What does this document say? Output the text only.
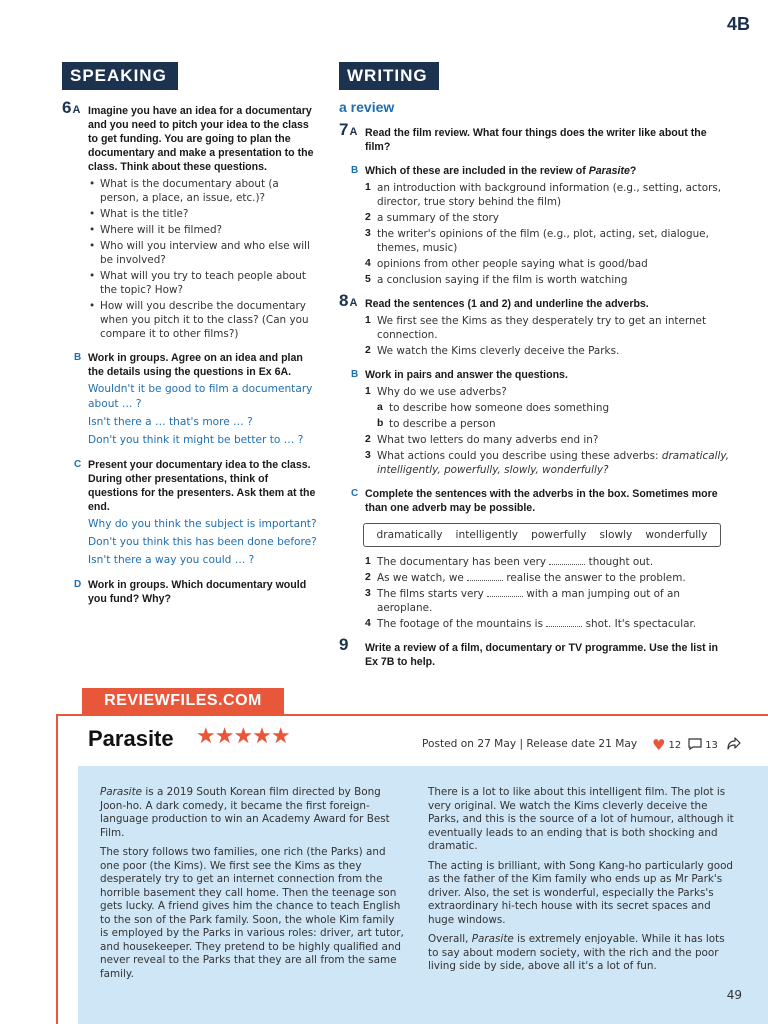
4B
SPEAKING	WRITING
a review
6A Imagine you have an idea for a documentary and you need to pitch your idea to the class to get funding. You are going to plan the documentary and make a presentation to the class. Think about these questions.
• What is the documentary about (a person, a place, an issue, etc.)?
• What is the title?
• Where will it be filmed?
• Who will you interview and who else will be involved?
• What will you try to teach people about the topic? How?
• How will you describe the documentary when you pitch it to the class? (Can you compare it to other films?)
B Work in groups. Agree on an idea and plan the details using the questions in Ex 6A.
Wouldn't it be good to film a documentary about … ?
Isn't there a … that's more … ?
Don't you think it might be better to … ?
C Present your documentary idea to the class. During other presentations, think of questions for the presenters. Ask them at the end.
Why do you think the subject is important?
Don't you think this has been done before?
Isn't there a way you could … ?
D Work in groups. Which documentary would you fund? Why?
7A Read the film review. What four things does the writer like about the film?
B Which of these are included in the review of Parasite?
1 an introduction with background information (e.g., setting, actors, director, true story behind the film)
2 a summary of the story
3 the writer's opinions of the film (e.g., plot, acting, set, dialogue, themes, music)
4 opinions from other people saying what is good/bad
5 a conclusion saying if the film is worth watching
8A Read the sentences (1 and 2) and underline the adverbs.
1 We first see the Kims as they desperately try to get an internet connection.
2 We watch the Kims cleverly deceive the Parks.
B Work in pairs and answer the questions.
1 Why do we use adverbs?
a to describe how someone does something
b to describe a person
2 What two letters do many adverbs end in?
3 What actions could you describe using these adverbs: dramatically, intelligently, powerfully, slowly, wonderfully?
C Complete the sentences with the adverbs in the box. Sometimes more than one adverb may be possible.
dramatically intelligently powerfully slowly wonderfully
1 The documentary has been very	thought out.
2 As we watch, we	realise the answer to the problem.
3 The films starts very	with a man jumping out of an aeroplane.
4 The footage of the mountains is	shot. It's spectacular.
9 Write a review of a film, documentary or TV programme. Use the list in Ex 7B to help.
REVIEWFILES.COM
Parasite ★★★★★	Posted on 27 May | Release date 21 May ♥ 12 13

Parasite is a 2019 South Korean film directed by Bong Joon-ho. A dark comedy, it became the first foreign-language production to win an Academy Award for Best Film.

The story follows two families, one rich (the Parks) and one poor (the Kims). We first see the Kims as they desperately try to get an internet connection from the horrible basement they call home. Then the teenage son gets lucky. A friend gives him the chance to teach English to the son of the Park family. Soon, the whole Kim family is employed by the Parks in various roles: driver, art tutor, and housekeeper. They pretend to be highly qualified and never reveal to the Parks that they are all from the same family.

There is a lot to like about this intelligent film. The plot is very original. We watch the Kims cleverly deceive the Parks, and this is the source of a lot of humour, although it eventually leads to an ending that is both shocking and dramatic.

The acting is brilliant, with Song Kang-ho particularly good as the father of the Kim family who ends up as Mr Park's driver. Also, the set is wonderful, especially the Parks's extraordinary hi-tech house with its secret spaces and huge windows.

Overall, Parasite is extremely enjoyable. While it has lots to say about modern society, with the rich and the poor living side by side, above all it's a lot of fun.

49
